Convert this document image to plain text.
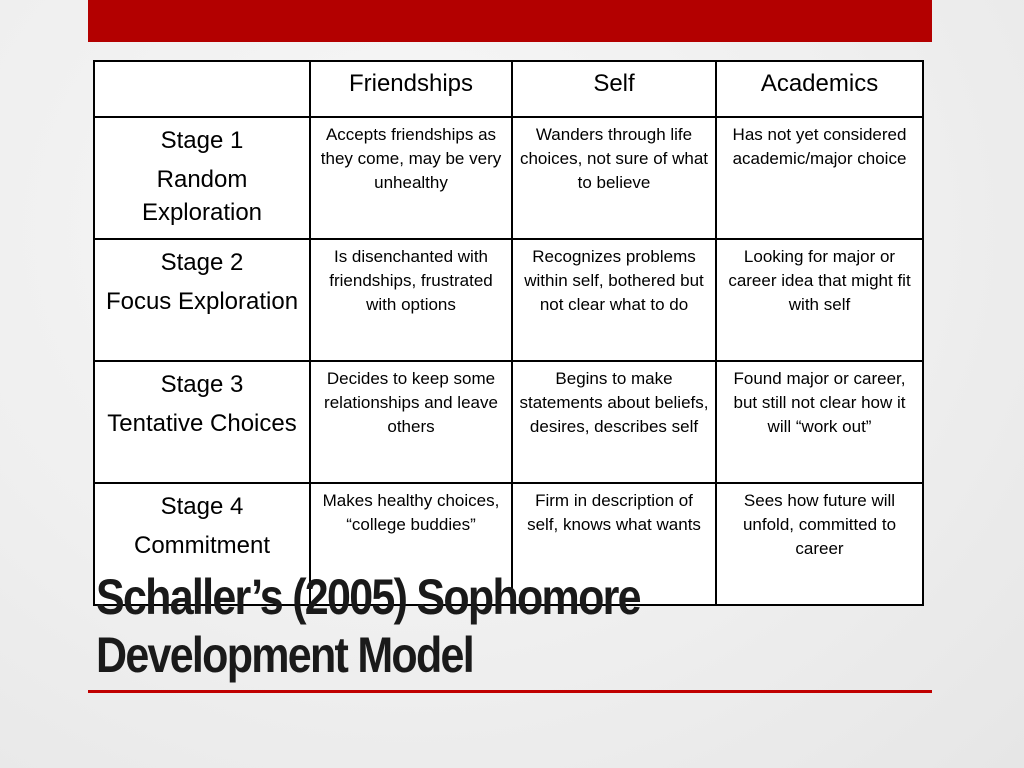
	Friendships	Self	Academics

Stage 1
Random Exploration	Accepts friendships as they come, may be very unhealthy	Wanders through life choices, not sure of what to believe	Has not yet considered academic/major choice

Stage 2
Focus Exploration	Is disenchanted with friendships, frustrated with options	Recognizes problems within self, bothered but not clear what to do	Looking for major or career idea that might fit with self

Stage 3
Tentative Choices	Decides to keep some relationships and leave others	Begins to make statements about beliefs, desires, describes self	Found major or career, but still not clear how it will “work out”

Stage 4
Commitment	Makes healthy choices, “college buddies”	Firm in description of self, knows what wants	Sees how future will unfold, committed to career
Schaller’s (2005) Sophomore
Development Model
